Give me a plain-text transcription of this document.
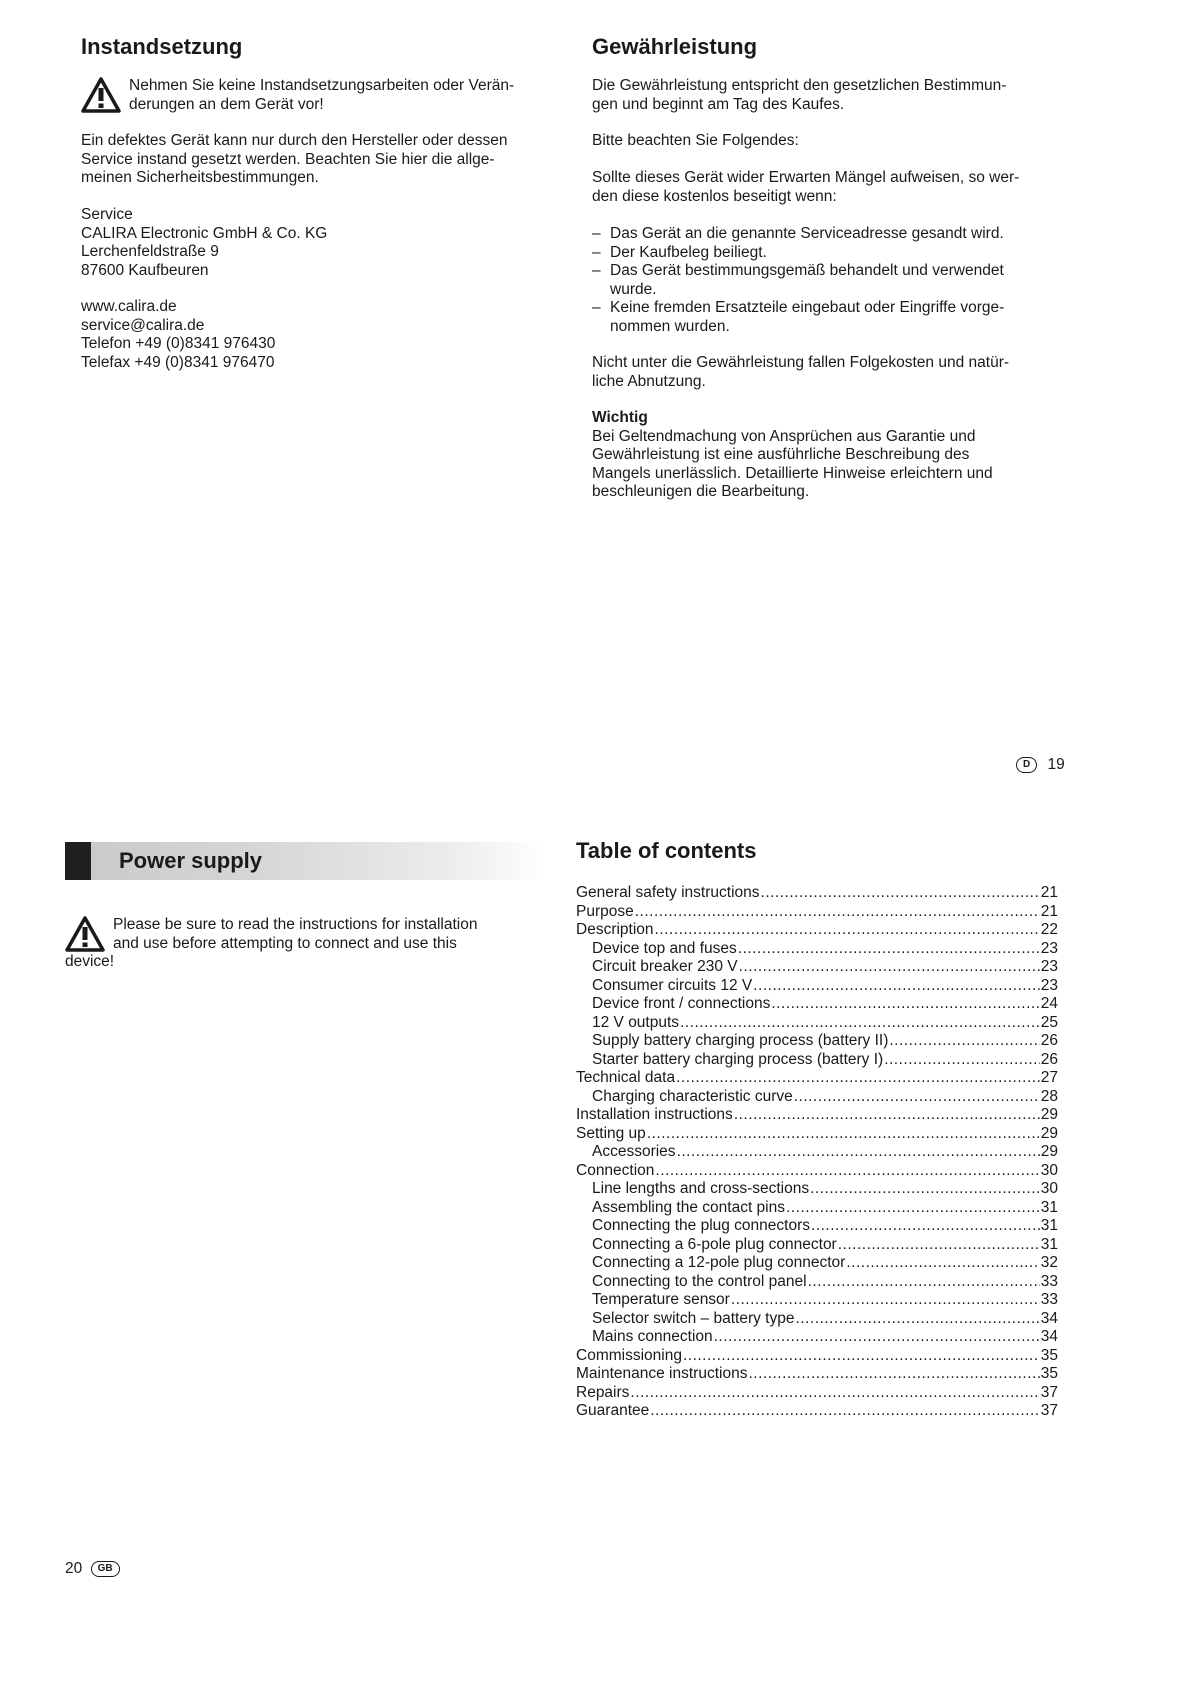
Instandsetzung

Nehmen Sie keine Instandsetzungsarbeiten oder Verän-

derungen an dem Gerät vor!

Ein defektes Gerät kann nur durch den Hersteller oder dessen

Service instand gesetzt werden. Beachten Sie hier die allge-

meinen Sicherheitsbestimmungen.

Service

CALIRA Electronic GmbH & Co. KG

Lerchenfeldstraße 9

87600 Kaufbeuren

www.calira.de

service@calira.de

Telefon +49 (0)8341 976430

Telefax +49 (0)8341 976470

Gewährleistung

Die Gewährleistung entspricht den gesetzlichen Bestimmun-

gen und beginnt am Tag des Kaufes.

Bitte beachten Sie Folgendes:

Sollte dieses Gerät wider Erwarten Mängel aufweisen, so wer-

den diese kostenlos beseitigt wenn:

– Das Gerät an die genannte Serviceadresse gesandt wird.
– Der Kaufbeleg beiliegt.

– Das Gerät bestimmungsgemäß behandelt und verwendet

wurde.

– Keine fremden Ersatzteile eingebaut oder Eingriffe vorge-

nommen wurden.

Nicht unter die Gewährleistung fallen Folgekosten und natür-

liche Abnutzung.

Wichtig

Bei Geltendmachung von Ansprüchen aus Garantie und

Gewährleistung ist eine ausführliche Beschreibung des

Mangels unerlässlich. Detaillierte Hinweise erleichtern und

beschleunigen die Bearbeitung.

D 19
Power supply

Please be sure to read the instructions for installation

and use before attempting to connect and use this

device!

Table of contents
General safety instructions .....	21
Purpose .....	21
Description .....	22
Device top and fuses .....	23
Circuit breaker 230 V .....	23
Consumer circuits 12 V .....	23
Device front / connections .....	24
12 V outputs .....	25
Supply battery charging process (battery II) .....	26
Starter battery charging process (battery I) .....	26
Technical data .....	27
Charging characteristic curve .....	28
Installation instructions .....	29
Setting up .....	29
Accessories .....	29
Connection .....	30
Line lengths and cross-sections .....	30
Assembling the contact pins .....	31
Connecting the plug connectors .....	31
Connecting a 6-pole plug connector .....	31
Connecting a 12-pole plug connector .....	32
Connecting to the control panel .....	33
Temperature sensor .....	33
Selector switch – battery type .....	34
Mains connection .....	34
Commissioning .....	35
Maintenance instructions .....	35
Repairs .....	37
Guarantee .....	37
20 GB
